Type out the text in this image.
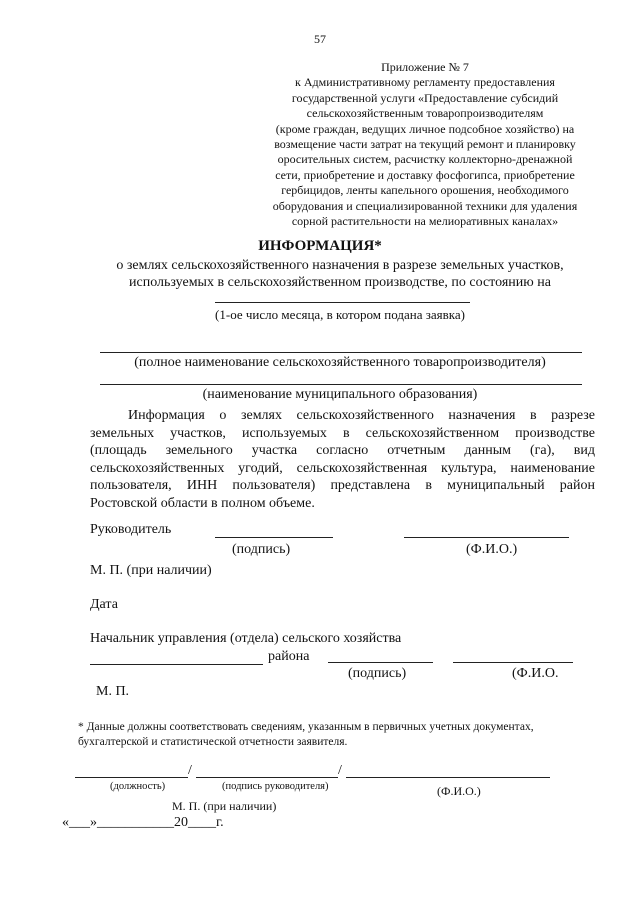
57
Приложение № 7
к Административному регламенту предоставления
государственной услуги «Предоставление субсидий
сельскохозяйственным товаропроизводителям
(кроме граждан, ведущих личное подсобное хозяйство) на
возмещение части затрат на текущий ремонт и планировку
оросительных систем, расчистку коллекторно-дренажной
сети, приобретение и доставку фосфогипса, приобретение
гербицидов, ленты капельного орошения, необходимого
оборудования и специализированной техники для удаления
сорной растительности на мелиоративных каналах»
ИНФОРМАЦИЯ*
о землях сельскохозяйственного назначения в разрезе земельных участков,
используемых в сельскохозяйственном производстве, по состоянию на
(1-ое число месяца, в котором подана заявка)
(полное наименование сельскохозяйственного товаропроизводителя)
(наименование муниципального образования)
Информация о землях сельскохозяйственного назначения в разрезе
земельных участков, используемых в сельскохозяйственном производстве
(площадь земельного участка согласно отчетным данным (га), вид
сельскохозяйственных угодий, сельскохозяйственная культура, наименование
пользователя, ИНН пользователя) представлена в муниципальный район
Ростовской области в полном объеме.
Руководитель
(подпись)	(Ф.И.О.)
М. П. (при наличии)
Дата
Начальник управления (отдела) сельского хозяйства
района
(подпись)	(Ф.И.О.
М. П.
* Данные должны соответствовать сведениям, указанным в первичных учетных документах,
бухгалтерской и статистической отчетности заявителя.
/	/
(должность)	(подпись руководителя)	(Ф.И.О.)
М. П. (при наличии)
«___»___________20____г.
